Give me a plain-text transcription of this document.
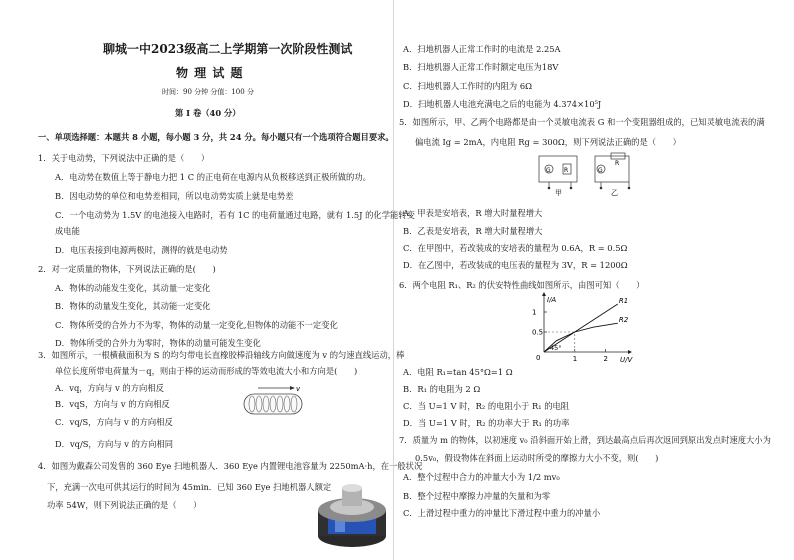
聊城一中2023级高二上学期第一次阶段性测试
物 理 试 题
时间：90 分钟 分值：100 分
第 I 卷（40 分）
一、单项选择题：本题共 8 小题，每小题 3 分，共 24 分。每小题只有一个选项符合题目要求。
1．关于电动势，下列说法中正确的是（　　）
A．电动势在数值上等于静电力把 1 C 的正电荷在电源内从负极移送到正极所做的功。
B．因电动势的单位和电势差相同，所以电动势实质上就是电势差
C．一个电动势为 1.5V 的电池接入电路时，若有 1C 的电荷量通过电路，就有 1.5J 的化学能转变
成电能
D．电压表接到电源两极时，测得的就是电动势
2．对一定质量的物体，下列说法正确的是(　　)
A．物体的动能发生变化，其动量一定变化
B．物体的动量发生变化，其动能一定变化
C．物体所受的合外力不为零，物体的动量一定变化,但物体的动能不一定变化
D．物体所受的合外力为零时，物体的动量可能发生变化
3．如图所示，一根横截面积为 S 的均匀带电长直橡胶棒沿轴线方向做速度为 v 的匀速直线运动，棒
单位长度所带电荷量为－q，则由于棒的运动而形成的等效电流大小和方向是(　　)
A．vq，方向与 v 的方向相反
B．vqS，方向与 v 的方向相反
C．vq/S，方向与 v 的方向相反
D．vq/S，方向与 v 的方向相同
v
4．如图为戴森公司发售的 360 Eye 扫地机器人．360 Eye 内置锂电池容量为 2250mA·h，在一般状况
下，充满一次电可供其运行的时间为 45min．已知 360 Eye 扫地机器人额定
功率 54W，则下列说法正确的是（　　）
A．扫地机器人正常工作时的电流是 2.25A
B．扫地机器人正常工作时额定电压为18V
C．扫地机器人工作时的内阻为 6Ω
D．扫地机器人电池充满电之后的电能为 4.374×10⁵J
5．如图所示，甲、乙两个电路都是由一个灵敏电流表 G 和一个变阻器组成的，已知灵敏电流表的满
偏电流 Ig = 2mA，内电阻 Rg = 300Ω，则下列说法正确的是（　　）
G R	G
R
甲	乙
A．甲表是安培表，R 增大时量程增大
B．乙表是安培表，R 增大时量程增大
C．在甲图中，若改装成的安培表的量程为 0.6A，R = 0.5Ω
D．在乙图中，若改装成的电压表的量程为 3V，R = 1200Ω
6．两个电阻 R₁、R₂ 的伏安特性曲线如图所示，由图可知（　　）
I/A
U/V
0
45°
1	2
0.5
1
R1
R2
A．电阻 R₁=tan 45°Ω=1 Ω
B．R₁ 的电阻为 2 Ω
C．当 U=1 V 时，R₂ 的电阻小于 R₁ 的电阻
D．当 U=1 V 时，R₂ 的功率大于 R₁ 的功率
7．质量为 m 的物体，以初速度 v₀ 沿斜面开始上滑，到达最高点后再次返回到原出发点时速度大小为
0.5v₀，假设物体在斜面上运动时所受的摩擦力大小不变，则(　　)
A．整个过程中合力的冲量大小为 1/2 mv₀
B．整个过程中摩擦力冲量的矢量和为零
C．上滑过程中重力的冲量比下滑过程中重力的冲量小
